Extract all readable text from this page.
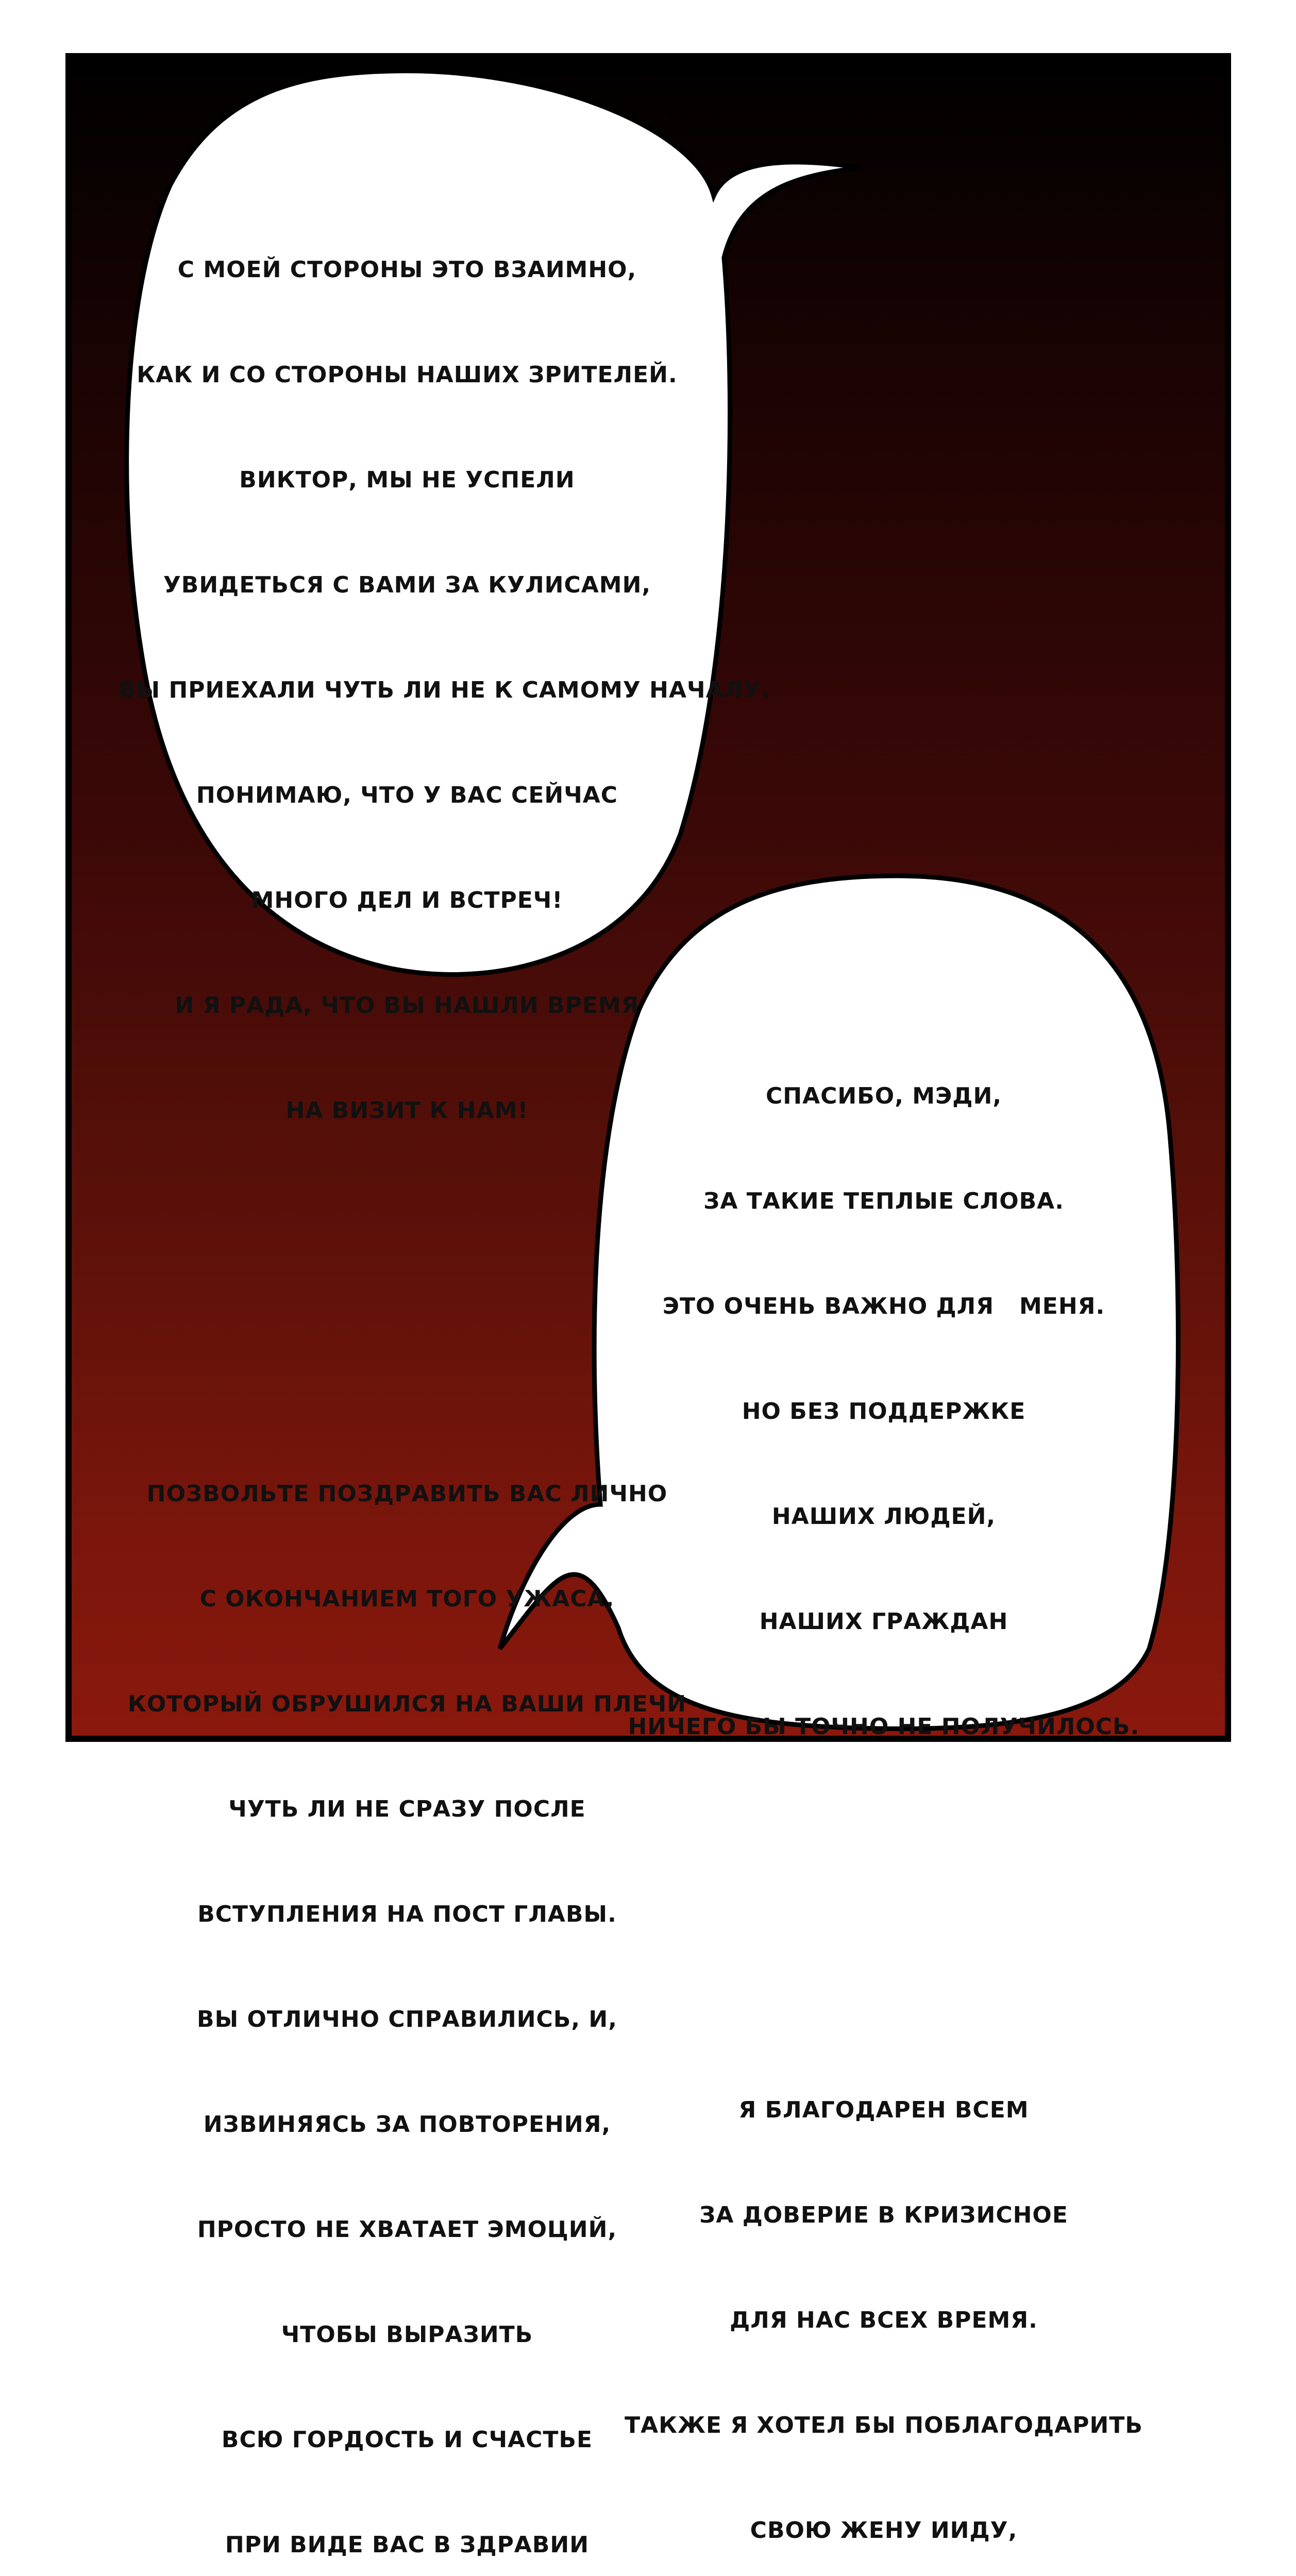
С МОЕЙ СТОРОНЫ ЭТО ВЗАИМНО,

КАК И СО СТОРОНЫ НАШИХ ЗРИТЕЛЕЙ.

ВИКТОР, МЫ НЕ УСПЕЛИ

УВИДЕТЬСЯ С ВАМИ ЗА КУЛИСАМИ,

ВЫ ПРИЕХАЛИ ЧУТЬ ЛИ НЕ К САМОМУ НАЧАЛУ.

ПОНИМАЮ, ЧТО У ВАС СЕЙЧАС

МНОГО ДЕЛ И ВСТРЕЧ!

И Я РАДА, ЧТО ВЫ НАШЛИ ВРЕМЯ

НА ВИЗИТ К НАМ!

ПОЗВОЛЬТЕ ПОЗДРАВИТЬ ВАС ЛИЧНО

С ОКОНЧАНИЕМ ТОГО УЖАСА,

КОТОРЫЙ ОБРУШИЛСЯ НА ВАШИ ПЛЕЧИ

ЧУТЬ ЛИ НЕ СРАЗУ ПОСЛЕ

ВСТУПЛЕНИЯ НА ПОСТ ГЛАВЫ.

ВЫ ОТЛИЧНО СПРАВИЛИСЬ, И,

ИЗВИНЯЯСЬ ЗА ПОВТОРЕНИЯ,

ПРОСТО НЕ ХВАТАЕТ ЭМОЦИЙ,

ЧТОБЫ ВЫРАЗИТЬ

ВСЮ ГОРДОСТЬ И СЧАСТЬЕ

ПРИ ВИДЕ ВАС В ЗДРАВИИ

СПАСИБО, МЭДИ,

ЗА ТАКИЕ ТЕПЛЫЕ СЛОВА.

ЭТО ОЧЕНЬ ВАЖНО ДЛЯ   МЕНЯ.

НО БЕЗ ПОДДЕРЖКЕ

НАШИХ ЛЮДЕЙ,

НАШИХ ГРАЖДАН

НИЧЕГО БЫ ТОЧНО НЕ ПОЛУЧИЛОСЬ.

Я БЛАГОДАРЕН ВСЕМ

ЗА ДОВЕРИЕ В КРИЗИСНОЕ

ДЛЯ НАС ВСЕХ ВРЕМЯ.

ТАКЖЕ Я ХОТЕЛ БЫ ПОБЛАГОДАРИТЬ

СВОЮ ЖЕНУ ИИДУ,
